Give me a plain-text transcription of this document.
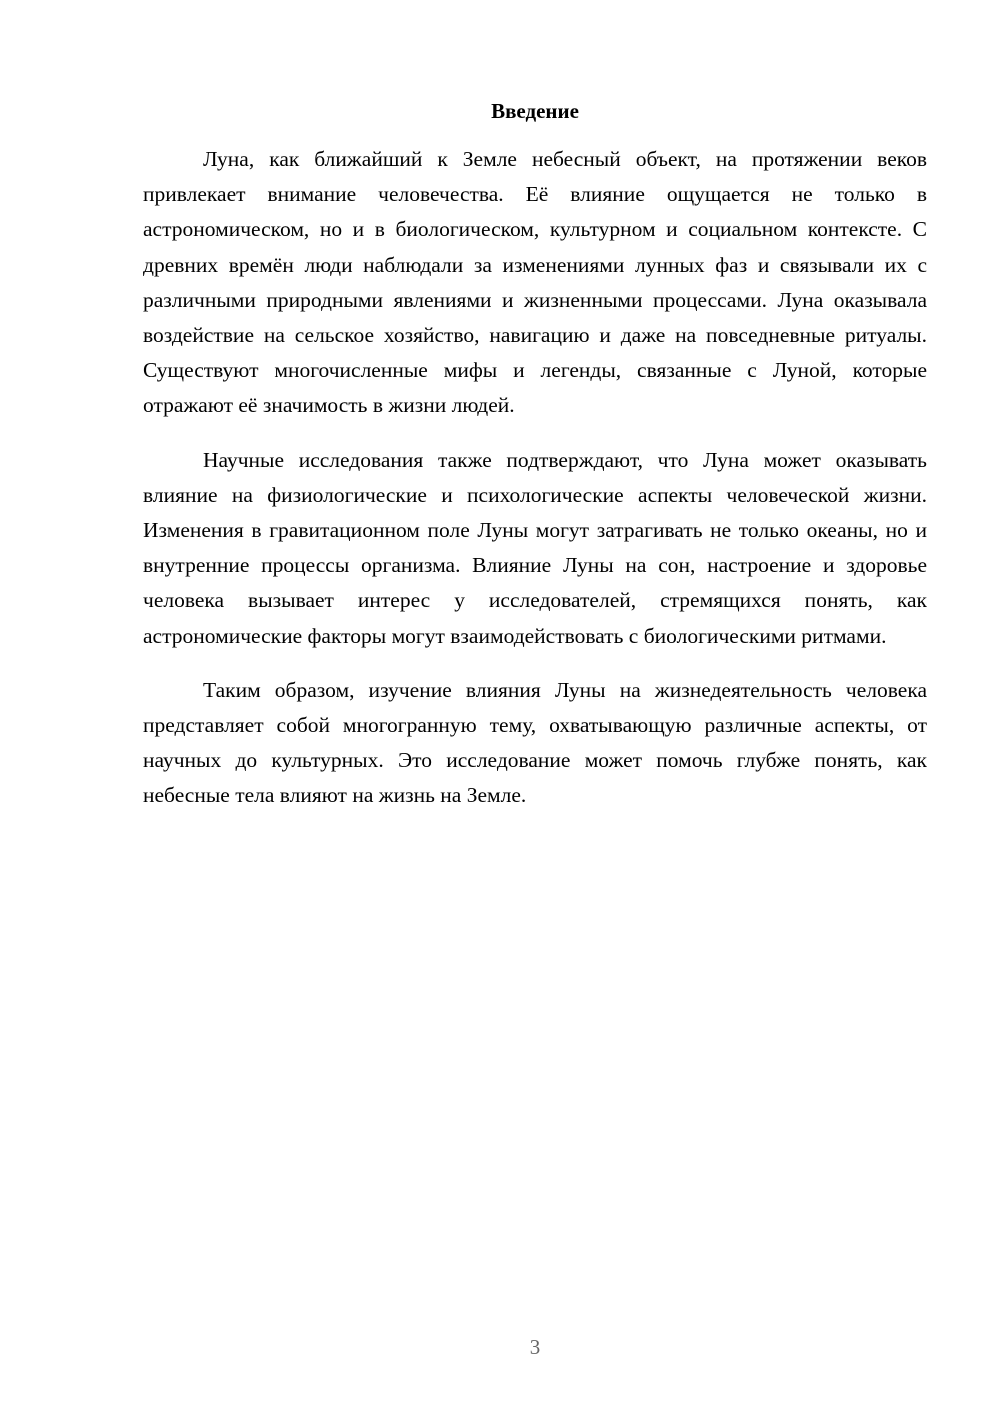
Введение

Луна, как ближайший к Земле небесный объект, на протяжении веков привлекает внимание человечества. Её влияние ощущается не только в астрономическом, но и в биологическом, культурном и социальном контексте. С древних времён люди наблюдали за изменениями лунных фаз и связывали их с различными природными явлениями и жизненными процессами. Луна оказывала воздействие на сельское хозяйство, навигацию и даже на повседневные ритуалы. Существуют многочисленные мифы и легенды, связанные с Луной, которые отражают её значимость в жизни людей.

Научные исследования также подтверждают, что Луна может оказывать влияние на физиологические и психологические аспекты человеческой жизни. Изменения в гравитационном поле Луны могут затрагивать не только океаны, но и внутренние процессы организма. Влияние Луны на сон, настроение и здоровье человека вызывает интерес у исследователей, стремящихся понять, как астрономические факторы могут взаимодействовать с биологическими ритмами.

Таким образом, изучение влияния Луны на жизнедеятельность человека представляет собой многогранную тему, охватывающую различные аспекты, от научных до культурных. Это исследование может помочь глубже понять, как небесные тела влияют на жизнь на Земле.

3
